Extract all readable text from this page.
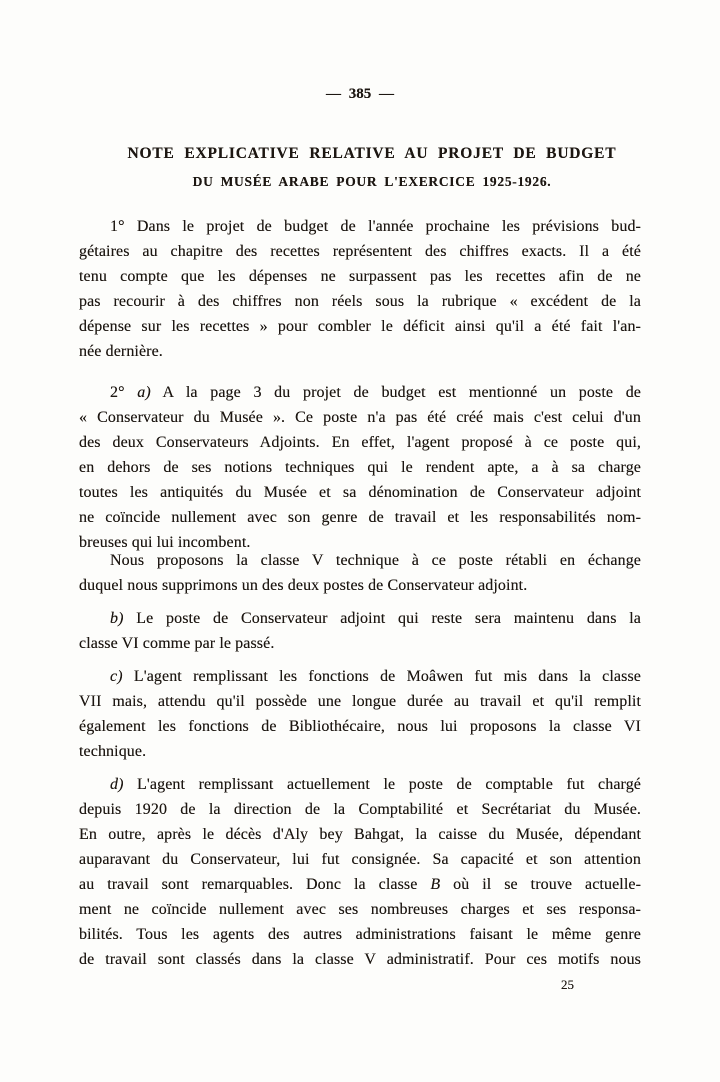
— 385 —
NOTE EXPLICATIVE RELATIVE AU PROJET DE BUDGET
DU MUSÉE ARABE POUR L'EXERCICE 1925-1926.
1° Dans le projet de budget de l'année prochaine les prévisions bud-
gétaires au chapitre des recettes représentent des chiffres exacts. Il a été
tenu compte que les dépenses ne surpassent pas les recettes afin de ne
pas recourir à des chiffres non réels sous la rubrique « excédent de la
dépense sur les recettes » pour combler le déficit ainsi qu'il a été fait l'an-
née dernière.
2° a) A la page 3 du projet de budget est mentionné un poste de
« Conservateur du Musée ». Ce poste n'a pas été créé mais c'est celui d'un
des deux Conservateurs Adjoints. En effet, l'agent proposé à ce poste qui,
en dehors de ses notions techniques qui le rendent apte, a à sa charge
toutes les antiquités du Musée et sa dénomination de Conservateur adjoint
ne coïncide nullement avec son genre de travail et les responsabilités nom-
breuses qui lui incombent.
Nous proposons la classe V technique à ce poste rétabli en échange
duquel nous supprimons un des deux postes de Conservateur adjoint.
b) Le poste de Conservateur adjoint qui reste sera maintenu dans la
classe VI comme par le passé.
c) L'agent remplissant les fonctions de Moâwen fut mis dans la classe
VII mais, attendu qu'il possède une longue durée au travail et qu'il remplit
également les fonctions de Bibliothécaire, nous lui proposons la classe VI
technique.
d) L'agent remplissant actuellement le poste de comptable fut chargé
depuis 1920 de la direction de la Comptabilité et Secrétariat du Musée.
En outre, après le décès d'Aly bey Bahgat, la caisse du Musée, dépendant
auparavant du Conservateur, lui fut consignée. Sa capacité et son attention
au travail sont remarquables. Donc la classe B où il se trouve actuelle-
ment ne coïncide nullement avec ses nombreuses charges et ses responsa-
bilités. Tous les agents des autres administrations faisant le même genre
de travail sont classés dans la classe V administratif. Pour ces motifs nous
25
